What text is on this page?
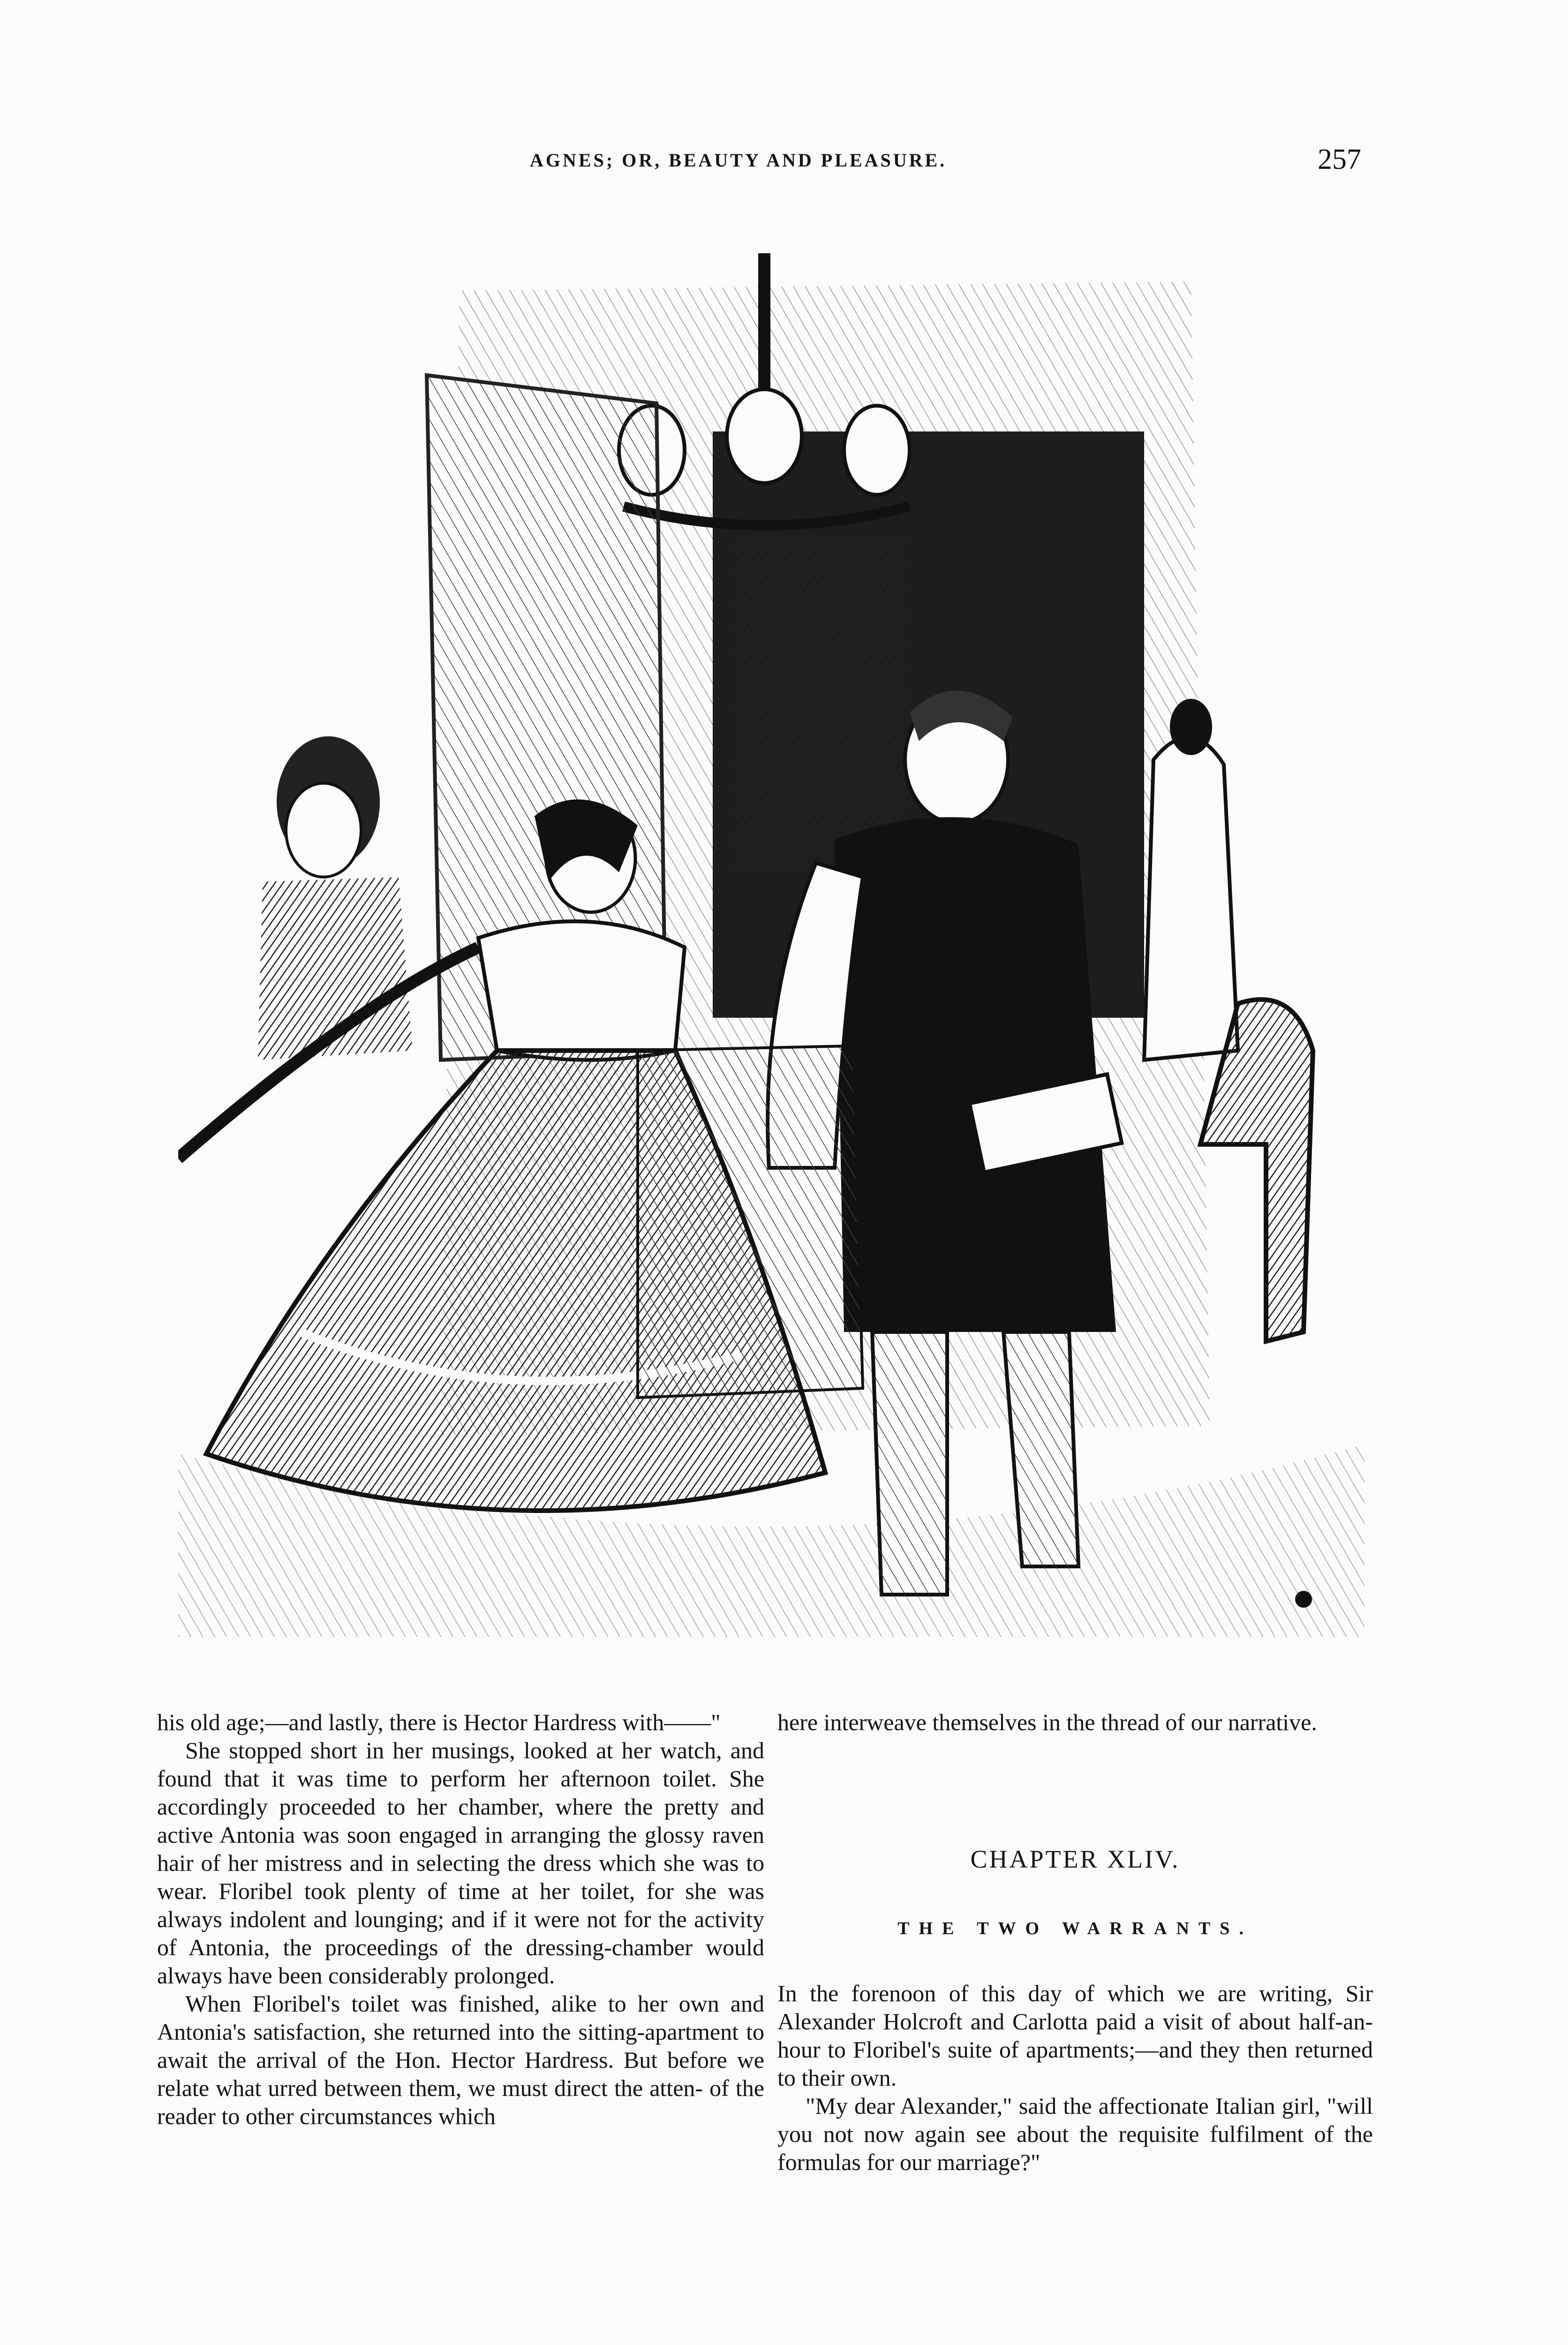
AGNES; OR, BEAUTY AND PLEASURE.	257

his old age;—and lastly, there is Hector Hardress with——"

She stopped short in her musings, looked at her watch, and found that it was time to perform her afternoon toilet. She accordingly proceeded to her chamber, where the pretty and active Antonia was soon engaged in arranging the glossy raven hair of her mistress and in selecting the dress which she was to wear. Floribel took plenty of time at her toilet, for she was always indolent and lounging; and if it were not for the activity of Antonia, the proceedings of the dressing-chamber would always have been considerably prolonged.

When Floribel's toilet was finished, alike to her own and Antonia's satisfaction, she returned into the sitting-apartment to await the arrival of the Hon. Hector Hardress. But before we relate what urred between them, we must direct the atten- of the reader to other circumstances which

here interweave themselves in the thread of our narrative.

CHAPTER XLIV.

THE TWO WARRANTS.

In the forenoon of this day of which we are writing, Sir Alexander Holcroft and Carlotta paid a visit of about half-an-hour to Floribel's suite of apartments;—and they then returned to their own.

"My dear Alexander," said the affectionate Italian girl, "will you not now again see about the requisite fulfilment of the formulas for our marriage?"
